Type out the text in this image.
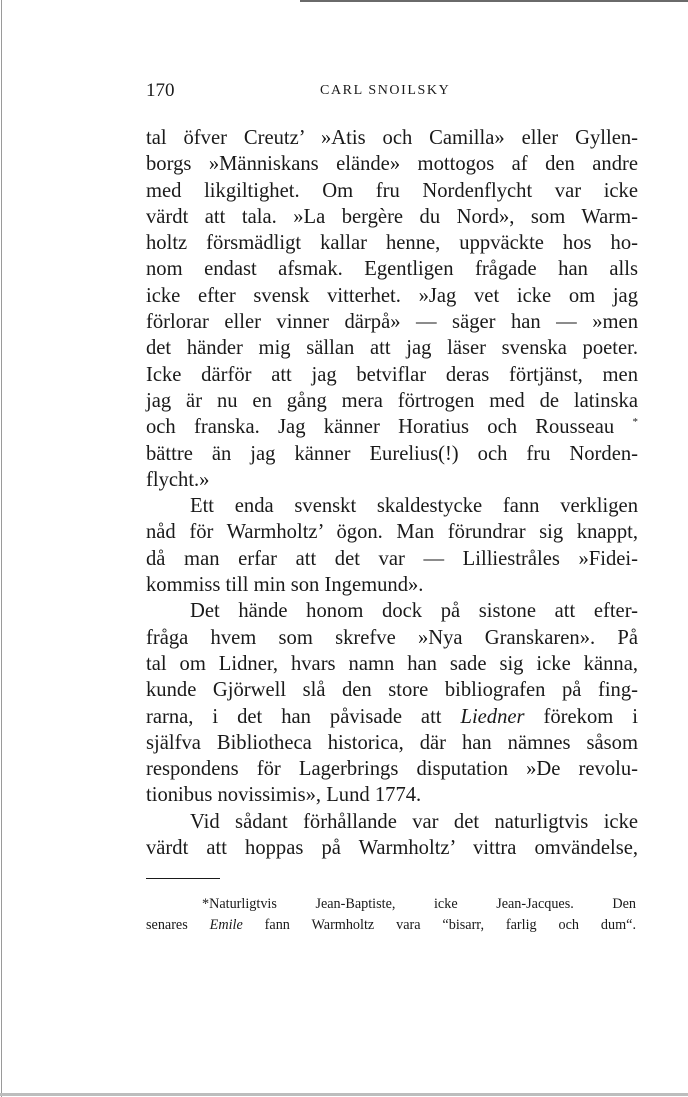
170	CARL SNOILSKY
tal öfver Creutz’ »Atis och Camilla» eller Gyllen-
borgs »Människans elände» mottogos af den andre
med likgiltighet. Om fru Nordenflycht var icke
värdt att tala. »La bergère du Nord», som Warm-
holtz försmädligt kallar henne, uppväckte hos ho-
nom endast afsmak. Egentligen frågade han alls
icke efter svensk vitterhet. »Jag vet icke om jag
förlorar eller vinner därpå» — säger han — »men
det händer mig sällan att jag läser svenska poeter.
Icke därför att jag betviflar deras förtjänst, men
jag är nu en gång mera förtrogen med de latinska
och franska. Jag känner Horatius och Rousseau *
bättre än jag känner Eurelius(!) och fru Norden-
flycht.»
Ett enda svenskt skaldestycke fann verkligen
nåd för Warmholtz’ ögon. Man förundrar sig knappt,
då man erfar att det var — Lilliestråles »Fidei-
kommiss till min son Ingemund».
Det hände honom dock på sistone att efter-
fråga hvem som skrefve »Nya Granskaren». På
tal om Lidner, hvars namn han sade sig icke känna,
kunde Gjörwell slå den store bibliografen på fing-
rarna, i det han påvisade att Liedner förekom i
själfva Bibliotheca historica, där han nämnes såsom
respondens för Lagerbrings disputation »De revolu-
tionibus novissimis», Lund 1774.
Vid sådant förhållande var det naturligtvis icke
värdt att hoppas på Warmholtz’ vittra omvändelse,
*Naturligtvis Jean-Baptiste, icke Jean-Jacques. Den
senares Emile fann Warmholtz vara “bisarr, farlig och dum“.
